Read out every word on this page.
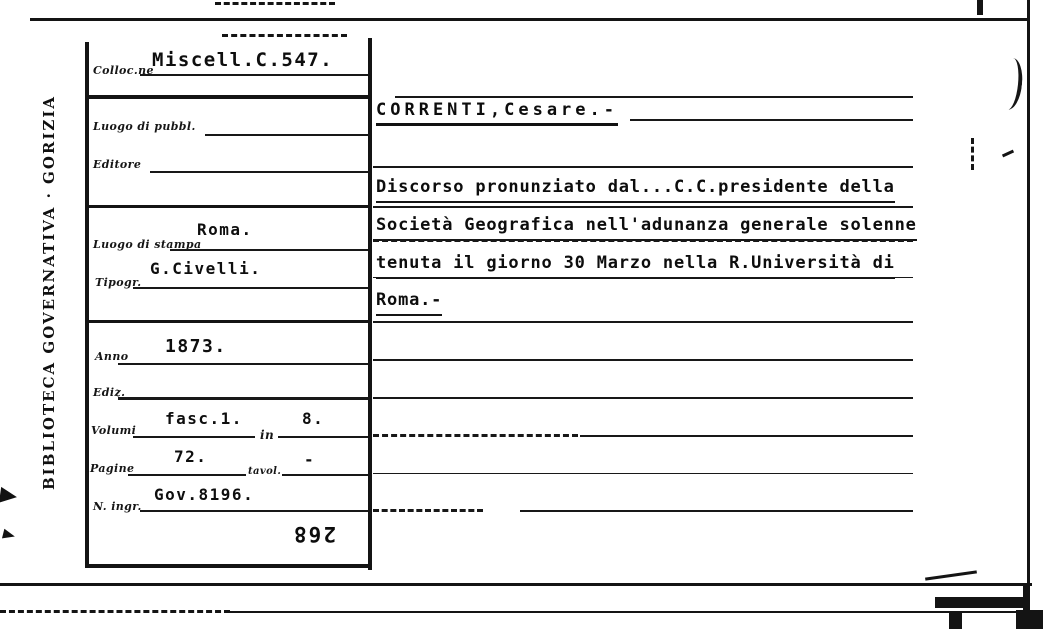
BIBLIOTECA GOVERNATIVA · GORIZIA
Colloc.ne
Miscell.C.547.
Luogo di pubbl.
Editore
Luogo di stampa
Roma.
Tipogr.
G.Civelli.
Anno 1873.
Ediz.
Volumi
fasc.1.
in
8.
Pagine
72.
tavol.
-
N. ingr.
Gov.8196.
268
CORRENTI,Cesare.-
Discorso pronunziato dal...C.C.presidente della
Società Geografica nell'adunanza generale solenne
tenuta il giorno 30 Marzo nella R.Università di
Roma.-
